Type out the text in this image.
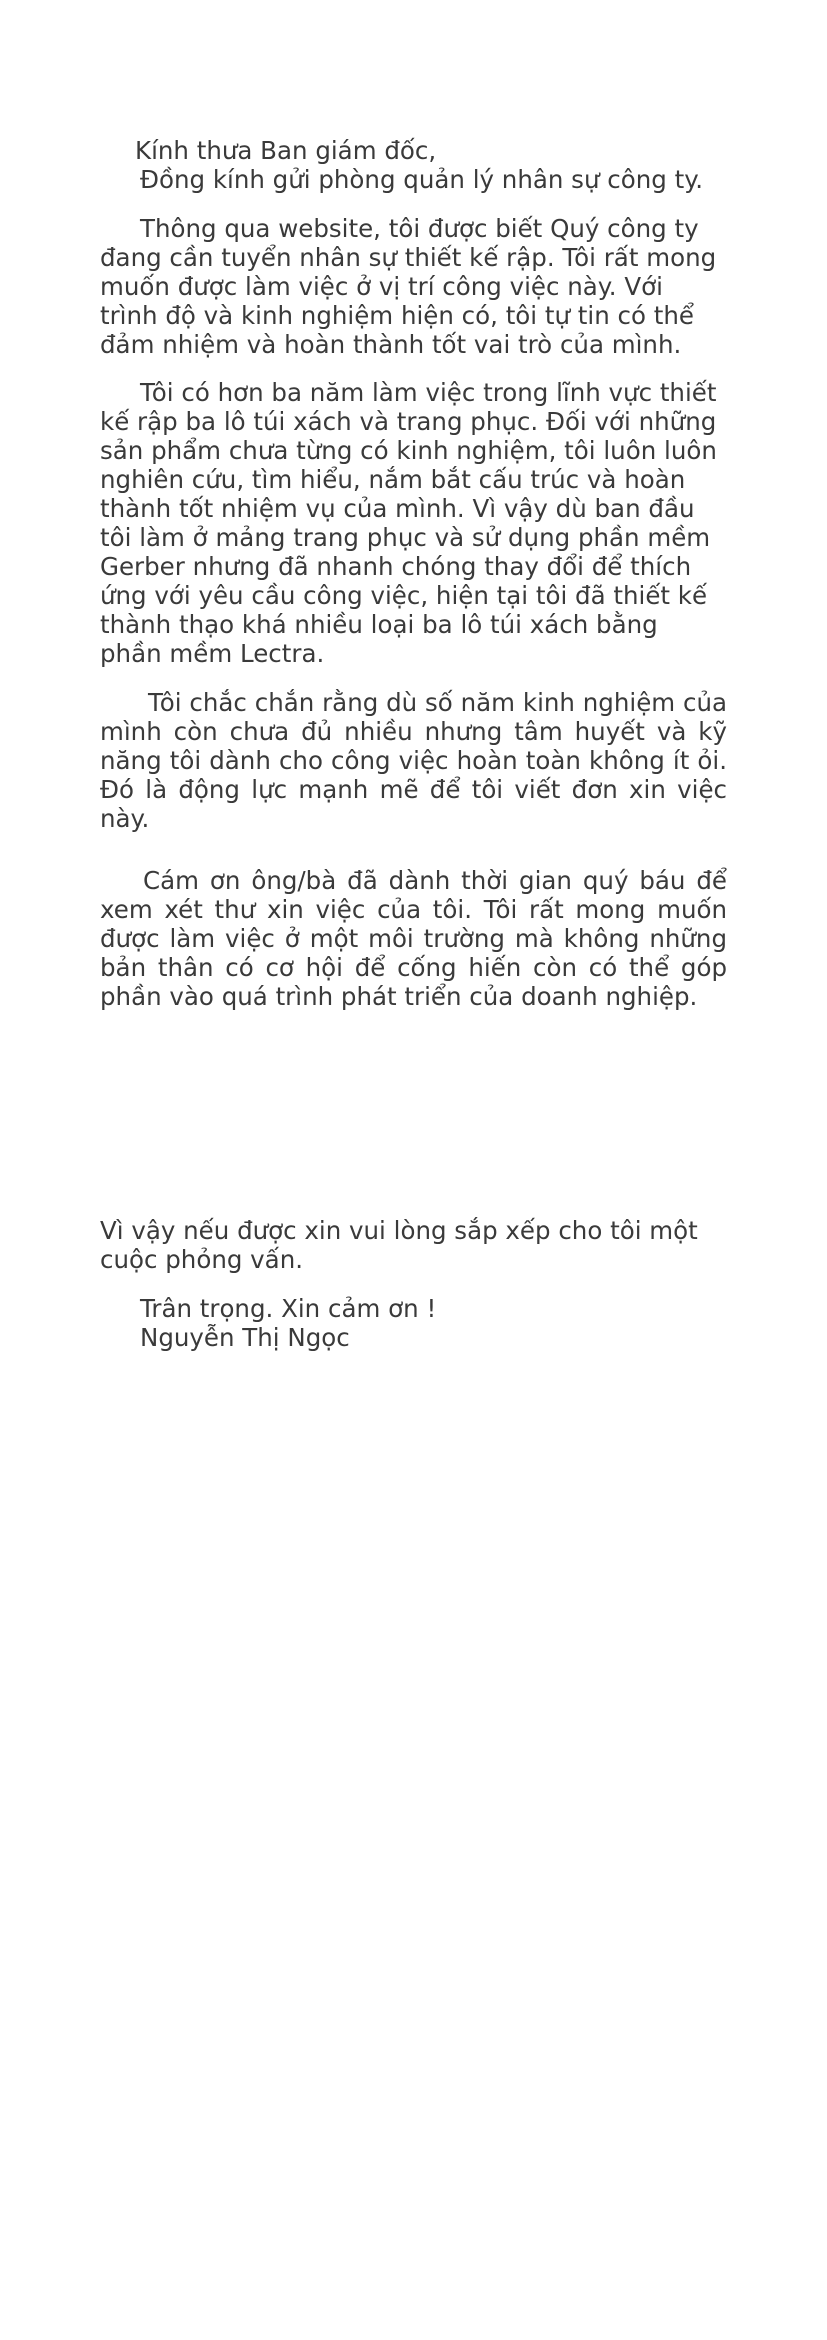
Kính thưa Ban giám đốc,

Đồng kính gửi phòng quản lý nhân sự công ty.

Thông qua website, tôi được biết Quý công ty đang cần tuyển nhân sự thiết kế rập. Tôi rất mong muốn được làm việc ở vị trí công việc này. Với trình độ và kinh nghiệm hiện có, tôi tự tin có thể đảm nhiệm và hoàn thành tốt vai trò của mình.

Tôi có hơn ba năm làm việc trong lĩnh vực thiết kế rập ba lô túi xách và trang phục. Đối với những sản phẩm chưa từng có kinh nghiệm, tôi luôn luôn nghiên cứu, tìm hiểu, nắm bắt cấu trúc và hoàn thành tốt nhiệm vụ của mình. Vì vậy dù ban đầu tôi làm ở mảng trang phục và sử dụng phần mềm Gerber nhưng đã nhanh chóng thay đổi để thích ứng với yêu cầu công việc, hiện tại tôi đã thiết kế thành thạo khá nhiều loại ba lô túi xách bằng phần mềm Lectra.

Tôi chắc chắn rằng dù số năm kinh nghiệm của mình còn chưa đủ nhiều nhưng tâm huyết và kỹ năng tôi dành cho công việc hoàn toàn không ít ỏi. Đó là động lực mạnh mẽ để tôi viết đơn xin việc này.

Cám ơn ông/bà đã dành thời gian quý báu để xem xét thư xin việc của tôi. Tôi rất mong muốn được làm việc ở một môi trường mà không những bản thân có cơ hội để cống hiến còn có thể góp phần vào quá trình phát triển của doanh nghiệp.

Vì vậy nếu được xin vui lòng sắp xếp cho tôi một cuộc phỏng vấn.

Trân trọng. Xin cảm ơn !

Nguyễn Thị Ngọc
